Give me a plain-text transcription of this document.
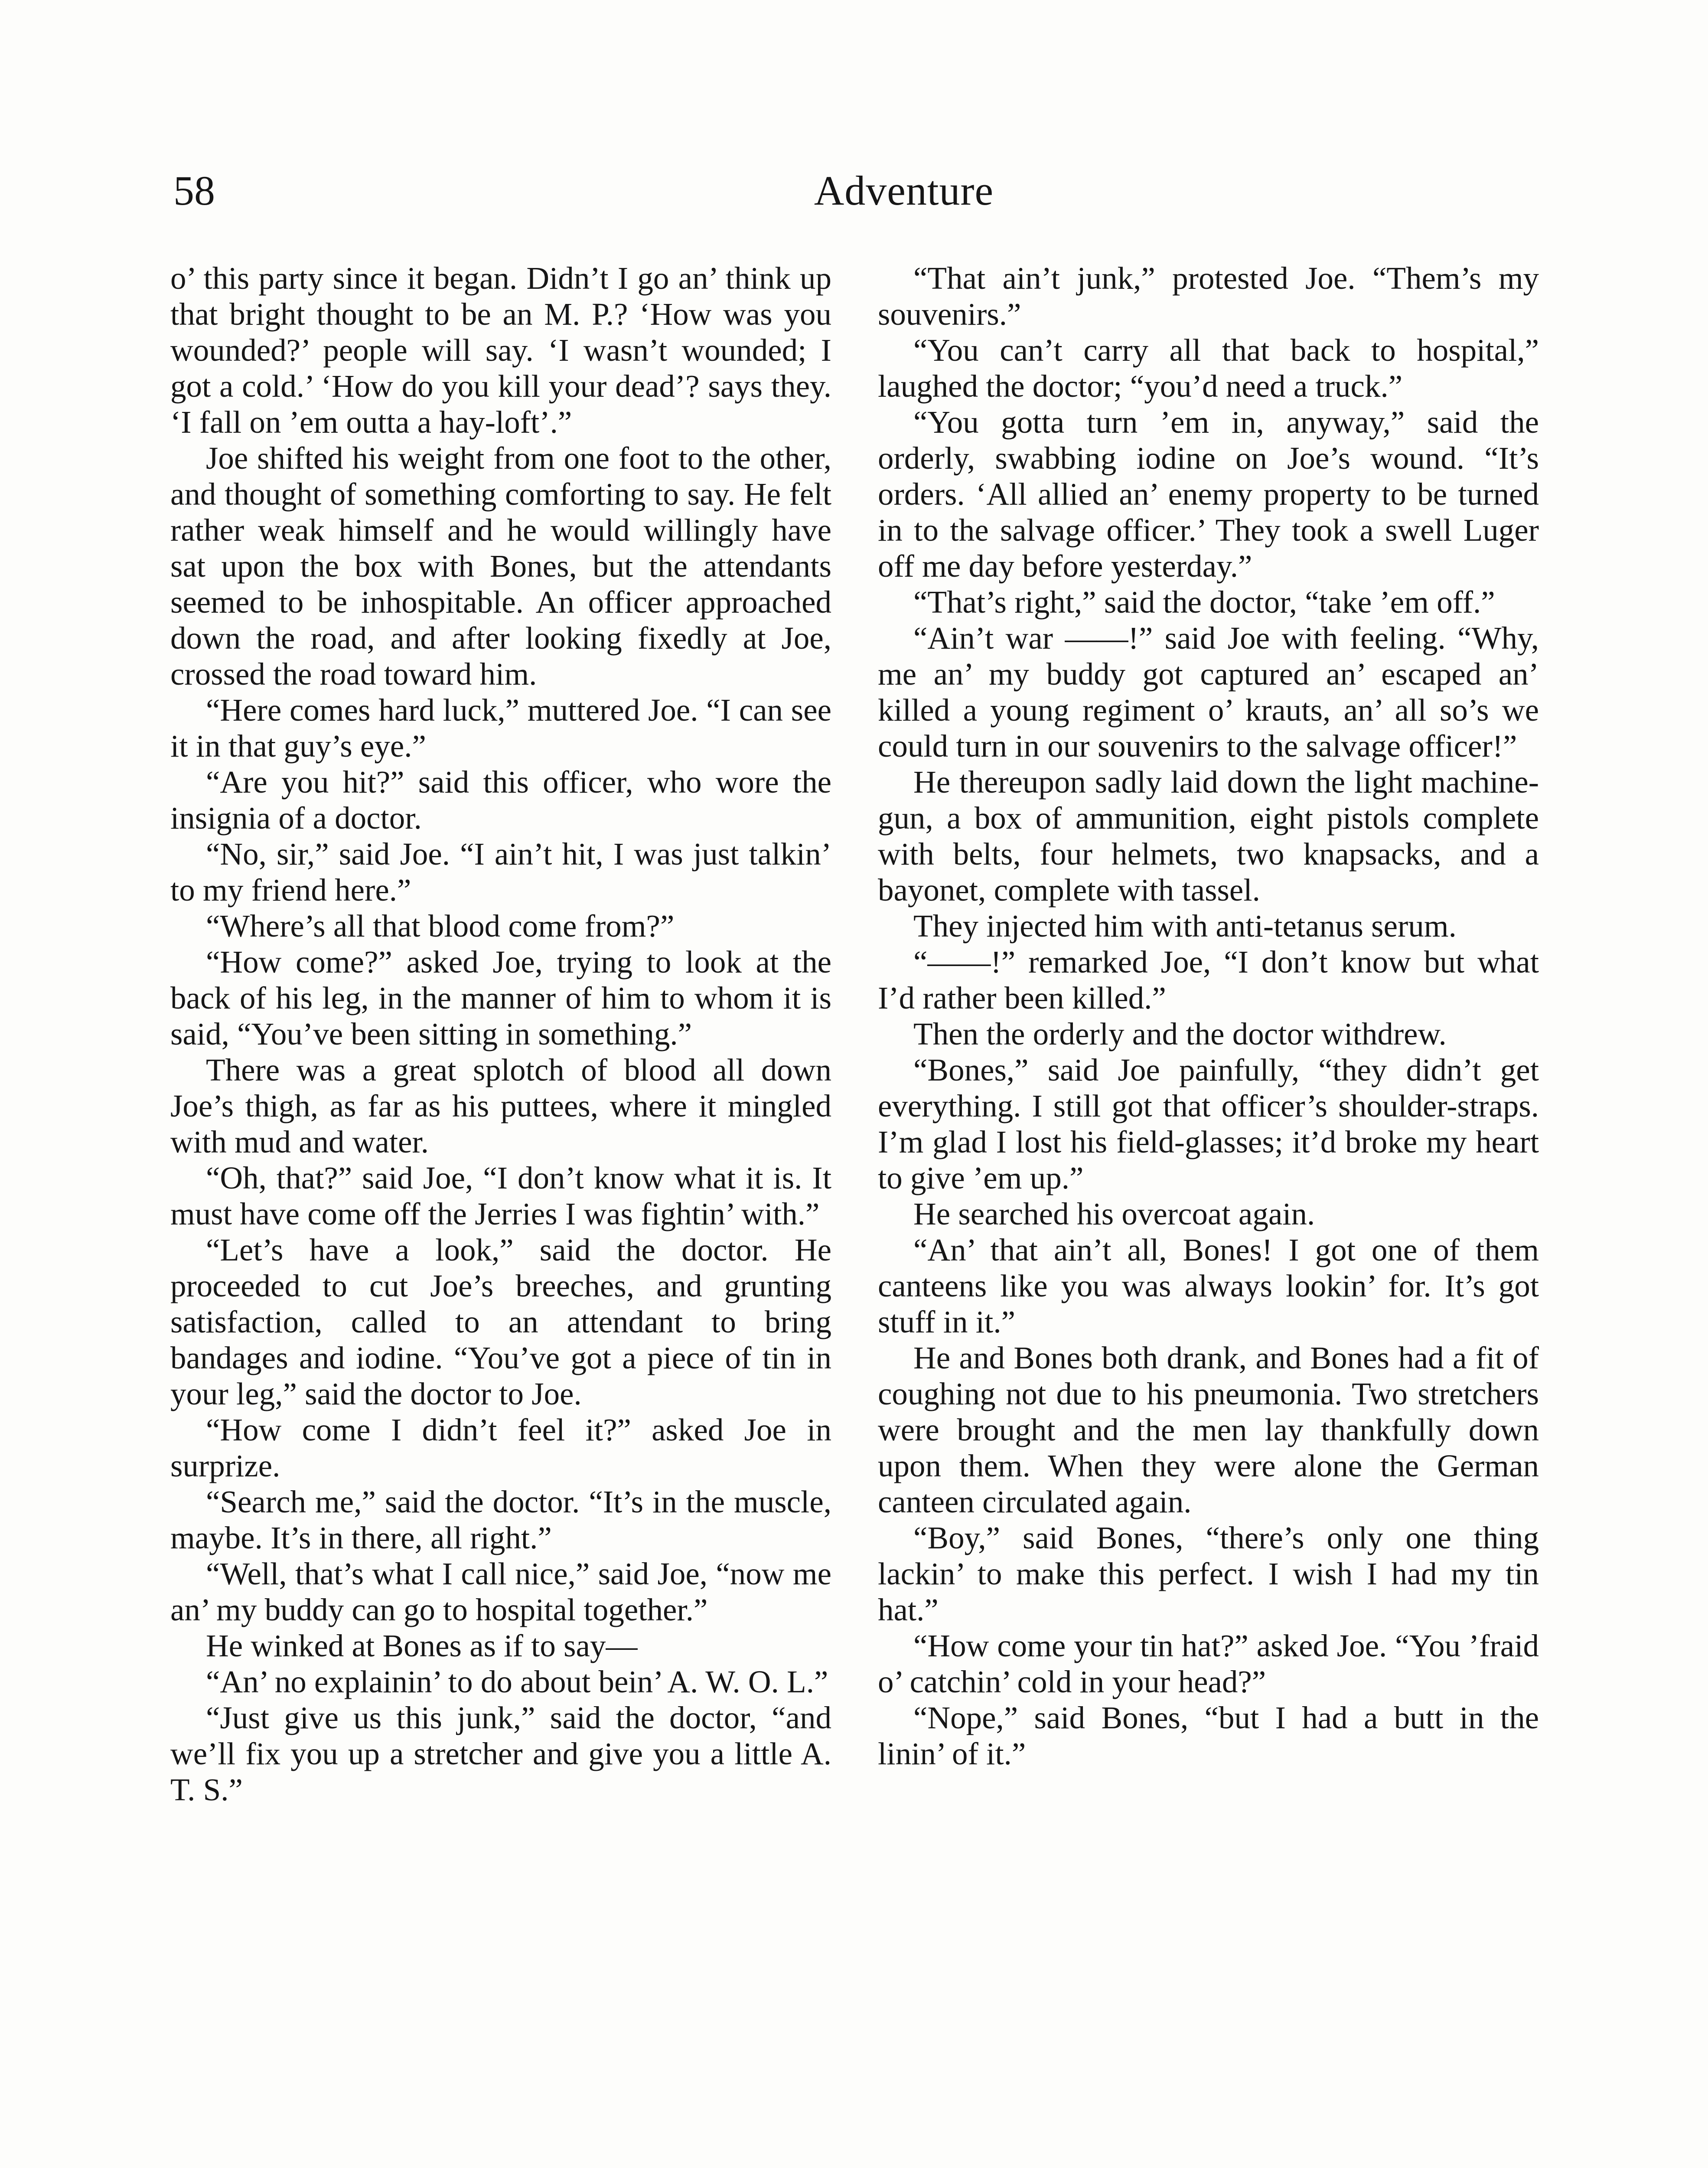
58	Adventure

o’ this party since it began. Didn’t I go an’ think up that bright thought to be an M. P.? ‘How was you wounded?’ people will say. ‘I wasn’t wounded; I got a cold.’ ‘How do you kill your dead’? says they. ‘I fall on ’em outta a hay-loft’.”

Joe shifted his weight from one foot to the other, and thought of something comforting to say. He felt rather weak himself and he would willingly have sat upon the box with Bones, but the attendants seemed to be inhospitable. An officer approached down the road, and after looking fixedly at Joe, crossed the road toward him.

“Here comes hard luck,” muttered Joe. “I can see it in that guy’s eye.”

“Are you hit?” said this officer, who wore the insignia of a doctor.

“No, sir,” said Joe. “I ain’t hit, I was just talkin’ to my friend here.”

“Where’s all that blood come from?”

“How come?” asked Joe, trying to look at the back of his leg, in the manner of him to whom it is said, “You’ve been sitting in something.”

There was a great splotch of blood all down Joe’s thigh, as far as his puttees, where it mingled with mud and water.

“Oh, that?” said Joe, “I don’t know what it is. It must have come off the Jerries I was fightin’ with.”

“Let’s have a look,” said the doctor. He proceeded to cut Joe’s breeches, and grunting satisfaction, called to an attendant to bring bandages and iodine. “You’ve got a piece of tin in your leg,” said the doctor to Joe.

“How come I didn’t feel it?” asked Joe in surprize.

“Search me,” said the doctor. “It’s in the muscle, maybe. It’s in there, all right.”

“Well, that’s what I call nice,” said Joe, “now me an’ my buddy can go to hospital together.”

He winked at Bones as if to say—

“An’ no explainin’ to do about bein’ A. W. O. L.”

“Just give us this junk,” said the doctor, “and we’ll fix you up a stretcher and give you a little A. T. S.”

“That ain’t junk,” protested Joe. “Them’s my souvenirs.”

“You can’t carry all that back to hospital,” laughed the doctor; “you’d need a truck.”

“You gotta turn ’em in, anyway,” said the orderly, swabbing iodine on Joe’s wound. “It’s orders. ‘All allied an’ enemy property to be turned in to the salvage officer.’ They took a swell Luger off me day before yesterday.”

“That’s right,” said the doctor, “take ’em off.”

“Ain’t war ——!” said Joe with feeling. “Why, me an’ my buddy got captured an’ escaped an’ killed a young regiment o’ krauts, an’ all so’s we could turn in our souvenirs to the salvage officer!”

He thereupon sadly laid down the light machine-gun, a box of ammunition, eight pistols complete with belts, four helmets, two knapsacks, and a bayonet, complete with tassel.

They injected him with anti-tetanus serum.

“——!” remarked Joe, “I don’t know but what I’d rather been killed.”

Then the orderly and the doctor withdrew.

“Bones,” said Joe painfully, “they didn’t get everything. I still got that officer’s shoulder-straps. I’m glad I lost his field-glasses; it’d broke my heart to give ’em up.”

He searched his overcoat again.

“An’ that ain’t all, Bones! I got one of them canteens like you was always lookin’ for. It’s got stuff in it.”

He and Bones both drank, and Bones had a fit of coughing not due to his pneumonia. Two stretchers were brought and the men lay thankfully down upon them. When they were alone the German canteen circulated again.

“Boy,” said Bones, “there’s only one thing lackin’ to make this perfect. I wish I had my tin hat.”

“How come your tin hat?” asked Joe. “You ’fraid o’ catchin’ cold in your head?”

“Nope,” said Bones, “but I had a butt in the linin’ of it.”
